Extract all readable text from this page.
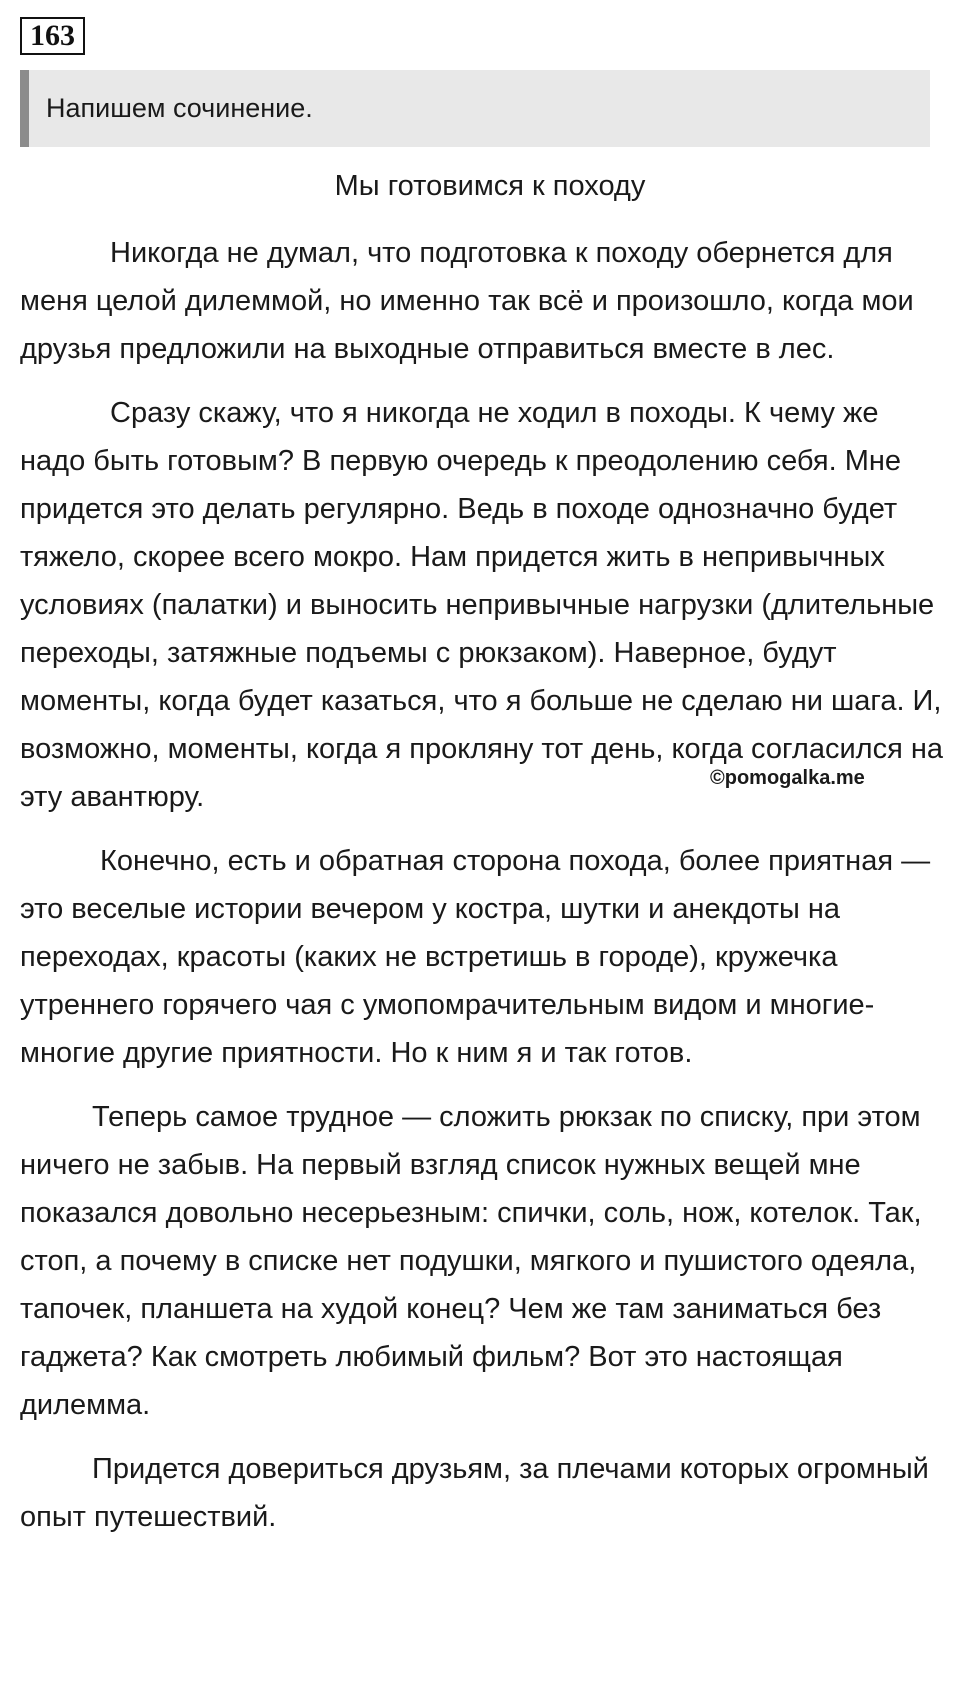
163
Напишем сочинение.
Мы готовимся к походу

Никогда не думал, что подготовка к походу обернется для меня целой дилеммой, но именно так всё и произошло, когда мои друзья предложили на выходные отправиться вместе в лес.

Сразу скажу, что я никогда не ходил в походы. К чему же надо быть готовым? В первую очередь к преодолению себя. Мне придется это делать регулярно. Ведь в походе однозначно будет тяжело, скорее всего мокро. Нам придется жить в непривычных условиях (палатки) и выносить непривычные нагрузки (длительные переходы, затяжные подъемы с рюкзаком). Наверное, будут моменты, когда будет казаться, что я больше не сделаю ни шага. И, возможно, моменты, когда я прокляну тот день, когда согласился на эту авантюру.

Конечно, есть и обратная сторона похода, более приятная — это веселые истории вечером у костра, шутки и анекдоты на переходах, красоты (каких не встретишь в городе), кружечка утреннего горячего чая с умопомрачительным видом и многие-многие другие приятности. Но к ним я и так готов.

Теперь самое трудное — сложить рюкзак по списку, при этом ничего не забыв. На первый взгляд список нужных вещей мне показался довольно несерьезным: спички, соль, нож, котелок. Так, стоп, а почему в списке нет подушки, мягкого и пушистого одеяла, тапочек, планшета на худой конец? Чем же там заниматься без гаджета? Как смотреть любимый фильм? Вот это настоящая дилемма.

Придется довериться друзьям, за плечами которых огромный опыт путешествий.

©pomogalka.me
